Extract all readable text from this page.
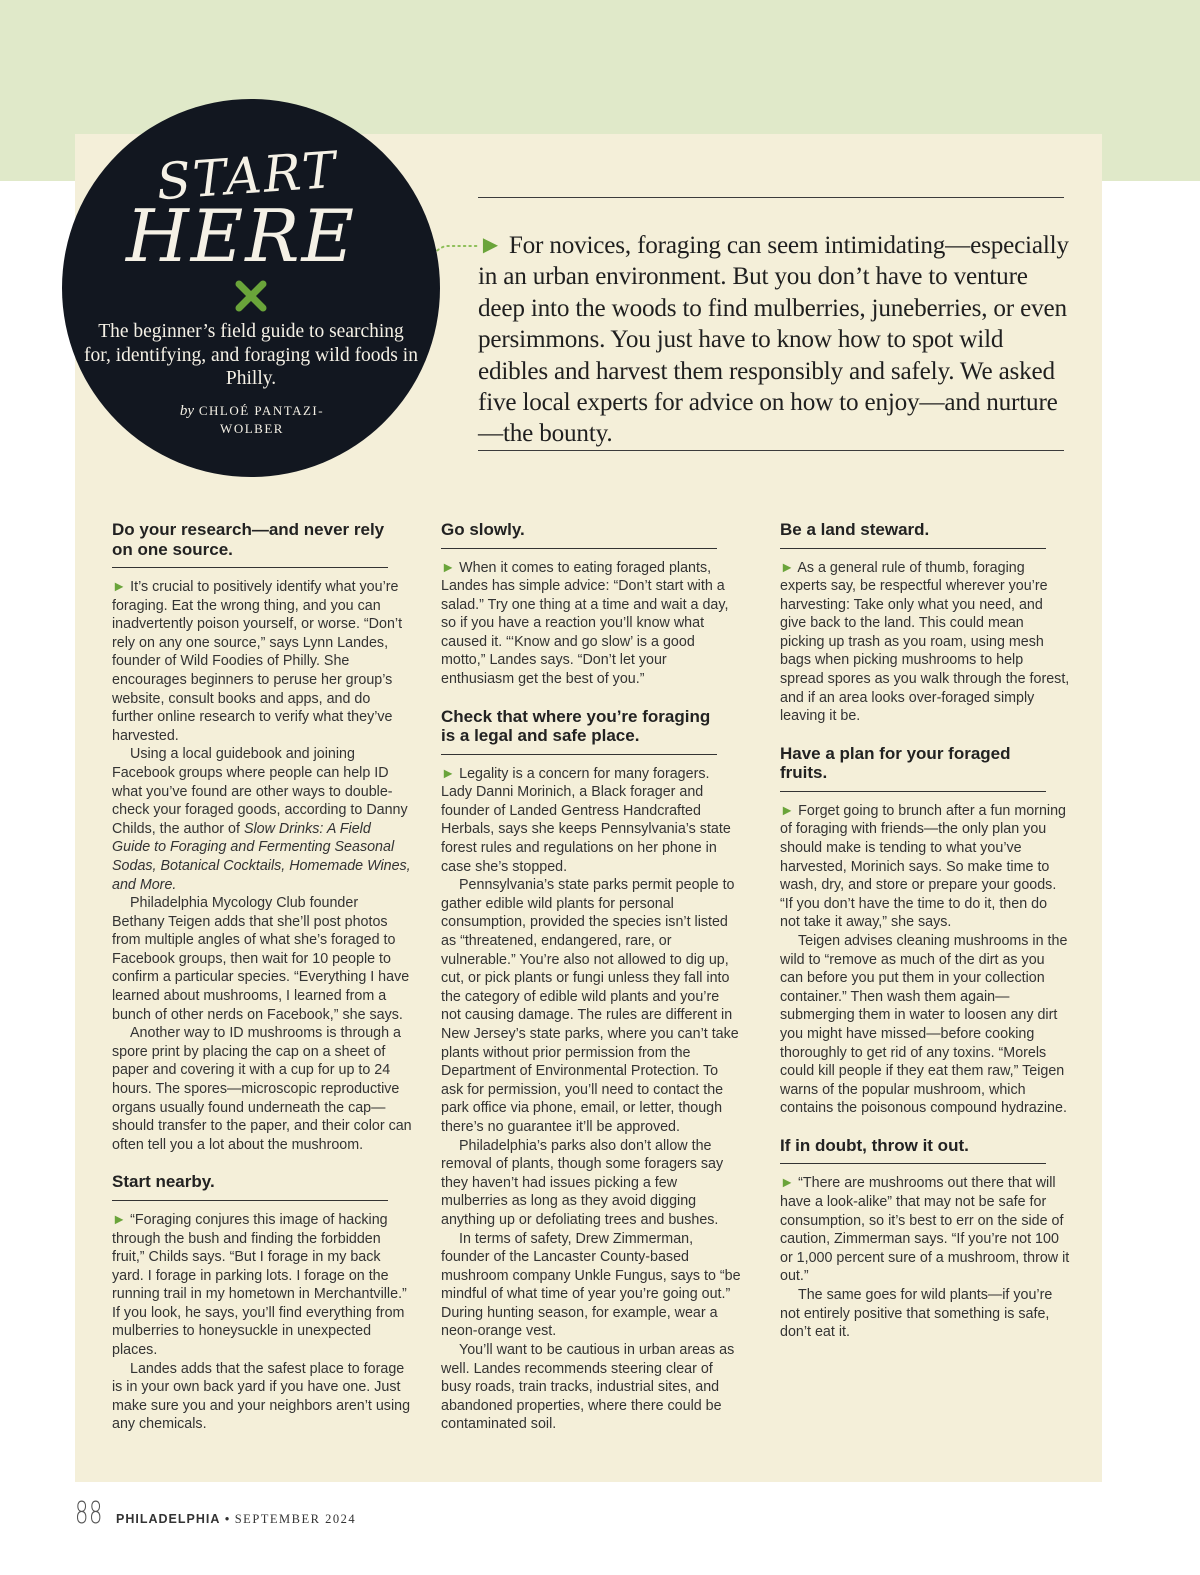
START
HERE
The beginner’s field guide to searching for, identifying, and foraging wild foods in Philly.
by CHLOÉ PANTAZI-WOLBER
► For novices, foraging can seem intimidating—especially in an urban environment. But you don’t have to venture deep into the woods to find mulberries, juneberries, or even persimmons. You just have to know how to spot wild edibles and harvest them responsibly and safely. We asked five local experts for advice on how to enjoy—and nurture—the bounty.
Do your research—and never rely on one source.

► It’s crucial to positively identify what you’re foraging. Eat the wrong thing, and you can inadvertently poison yourself, or worse. “Don’t rely on any one source,” says Lynn Landes, founder of Wild Foodies of Philly. She encourages beginners to peruse her group’s website, consult books and apps, and do further online research to verify what they’ve harvested.

Using a local guidebook and joining Facebook groups where people can help ID what you’ve found are other ways to double-check your foraged goods, according to Danny Childs, the author of Slow Drinks: A Field Guide to Foraging and Fermenting Seasonal Sodas, Botanical Cocktails, Homemade Wines, and More.

Philadelphia Mycology Club founder Bethany Teigen adds that she’ll post photos from multiple angles of what she’s foraged to Facebook groups, then wait for 10 people to confirm a particular species. “Everything I have learned about mushrooms, I learned from a bunch of other nerds on Facebook,” she says.

Another way to ID mushrooms is through a spore print by placing the cap on a sheet of paper and covering it with a cup for up to 24 hours. The spores—microscopic reproductive organs usually found underneath the cap—should transfer to the paper, and their color can often tell you a lot about the mushroom.

Start nearby.

► “Foraging conjures this image of hacking through the bush and finding the forbidden fruit,” Childs says. “But I forage in my back yard. I forage in parking lots. I forage on the running trail in my hometown in Merchantville.” If you look, he says, you’ll find everything from mulberries to honeysuckle in unexpected places.

Landes adds that the safest place to forage is in your own back yard if you have one. Just make sure you and your neighbors aren’t using any chemicals.

Go slowly.

► When it comes to eating foraged plants, Landes has simple advice: “Don’t start with a salad.” Try one thing at a time and wait a day, so if you have a reaction you’ll know what caused it. “‘Know and go slow’ is a good motto,” Landes says. “Don’t let your enthusiasm get the best of you.”

Check that where you’re foraging is a legal and safe place.

► Legality is a concern for many foragers. Lady Danni Morinich, a Black forager and founder of Landed Gentress Handcrafted Herbals, says she keeps Pennsylvania’s state forest rules and regulations on her phone in case she’s stopped.

Pennsylvania’s state parks permit people to gather edible wild plants for personal consumption, provided the species isn’t listed as “threatened, endangered, rare, or vulnerable.” You’re also not allowed to dig up, cut, or pick plants or fungi unless they fall into the category of edible wild plants and you’re not causing damage. The rules are different in New Jersey’s state parks, where you can’t take plants without prior permission from the Department of Environmental Protection. To ask for permission, you’ll need to contact the park office via phone, email, or letter, though there’s no guarantee it’ll be approved.

Philadelphia’s parks also don’t allow the removal of plants, though some foragers say they haven’t had issues picking a few mulberries as long as they avoid digging anything up or defoliating trees and bushes.

In terms of safety, Drew Zimmerman, founder of the Lancaster County-based mushroom company Unkle Fungus, says to “be mindful of what time of year you’re going out.” During hunting season, for example, wear a neon-orange vest.

You’ll want to be cautious in urban areas as well. Landes recommends steering clear of busy roads, train tracks, industrial sites, and abandoned properties, where there could be contaminated soil.

Be a land steward.

► As a general rule of thumb, foraging experts say, be respectful wherever you’re harvesting: Take only what you need, and give back to the land. This could mean picking up trash as you roam, using mesh bags when picking mushrooms to help spread spores as you walk through the forest, and if an area looks over-foraged simply leaving it be.

Have a plan for your foraged fruits.

► Forget going to brunch after a fun morning of foraging with friends—the only plan you should make is tending to what you’ve harvested, Morinich says. So make time to wash, dry, and store or prepare your goods. “If you don’t have the time to do it, then do not take it away,” she says.

Teigen advises cleaning mushrooms in the wild to “remove as much of the dirt as you can before you put them in your collection container.” Then wash them again—submerging them in water to loosen any dirt you might have missed—before cooking thoroughly to get rid of any toxins. “Morels could kill people if they eat them raw,” Teigen warns of the popular mushroom, which contains the poisonous compound hydrazine.

If in doubt, throw it out.

► “There are mushrooms out there that will have a look-alike” that may not be safe for consumption, so it’s best to err on the side of caution, Zimmerman says. “If you’re not 100 or 1,000 percent sure of a mushroom, throw it out.”

The same goes for wild plants—if you’re not entirely positive that something is safe, don’t eat it.

88 PHILADELPHIA • SEPTEMBER 2024
